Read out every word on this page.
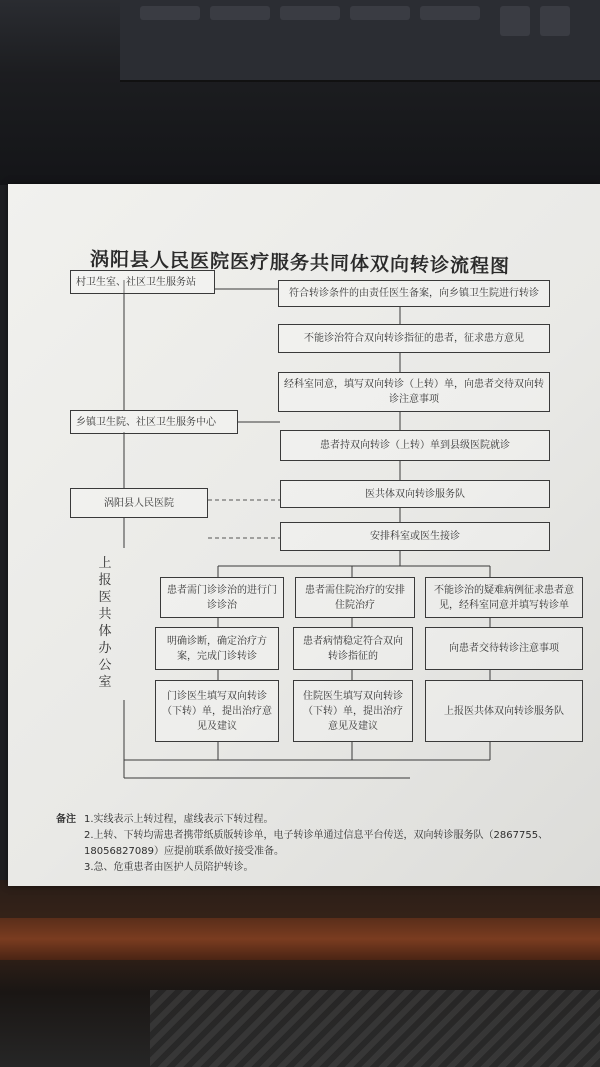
涡阳县人民医院医疗服务共同体双向转诊流程图
村卫生室、社区卫生服务站
乡镇卫生院、社区卫生服务中心
涡阳县人民医院
符合转诊条件的由责任医生备案，向乡镇卫生院进行转诊
不能诊治符合双向转诊指征的患者，征求患方意见
经科室同意，填写双向转诊（上转）单，向患者交待双向转诊注意事项
患者持双向转诊（上转）单到县级医院就诊
医共体双向转诊服务队
安排科室或医生接诊
患者需门诊诊治的进行门诊诊治
患者需住院治疗的安排住院治疗
不能诊治的疑难病例征求患者意见，经科室同意并填写转诊单
明确诊断，确定治疗方案，完成门诊转诊
患者病情稳定符合双向转诊指征的
向患者交待转诊注意事项
门诊医生填写双向转诊（下转）单，提出治疗意见及建议
住院医生填写双向转诊（下转）单，提出治疗意见及建议
上报医共体双向转诊服务队
上报医共体办公室
备注 1.实线表示上转过程，虚线表示下转过程。
2.上转、下转均需患者携带纸质版转诊单，电子转诊单通过信息平台传送，双向转诊服务队（2867755、
18056827089）应提前联系做好接受准备。
3.急、危重患者由医护人员陪护转诊。
